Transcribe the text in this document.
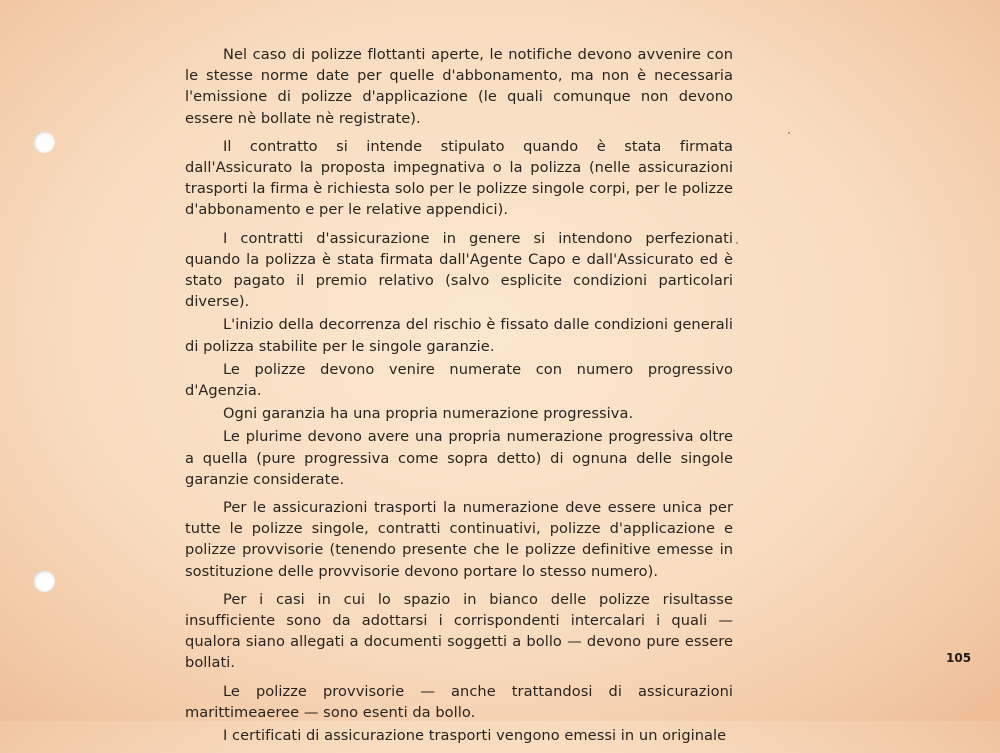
Nel caso di polizze flottanti aperte, le notifiche devono avvenire con le stesse norme date per quelle d'abbonamento, ma non è necessaria l'emissione di polizze d'applicazione (le quali comunque non devono essere nè bollate nè registrate).

Il contratto si intende stipulato quando è stata firmata dall'Assicurato la proposta impegnativa o la polizza (nelle assicurazioni trasporti la firma è richiesta solo per le polizze singole corpi, per le polizze d'abbonamento e per le relative appendici).

I contratti d'assicurazione in genere si intendono perfezionati quando la polizza è stata firmata dall'Agente Capo e dall'Assicurato ed è stato pagato il premio relativo (salvo esplicite condizioni particolari diverse).

L'inizio della decorrenza del rischio è fissato dalle condizioni generali di polizza stabilite per le singole garanzie.

Le polizze devono venire numerate con numero progressivo d'Agenzia.

Ogni garanzia ha una propria numerazione progressiva.

Le plurime devono avere una propria numerazione progressiva oltre a quella (pure progressiva come sopra detto) di ognuna delle singole garanzie considerate.

Per le assicurazioni trasporti la numerazione deve essere unica per tutte le polizze singole, contratti continuativi, polizze d'applicazione e polizze provvisorie (tenendo presente che le polizze definitive emesse in sostituzione delle provvisorie devono portare lo stesso numero).

Per i casi in cui lo spazio in bianco delle polizze risultasse insufficiente sono da adottarsi i corrispondenti intercalari i quali — qualora siano allegati a documenti soggetti a bollo — devono pure essere bollati.

Le polizze provvisorie — anche trattandosi di assicurazioni marittimeaeree — sono esenti da bollo.

I certificati di assicurazione trasporti vengono emessi in un originale

105
